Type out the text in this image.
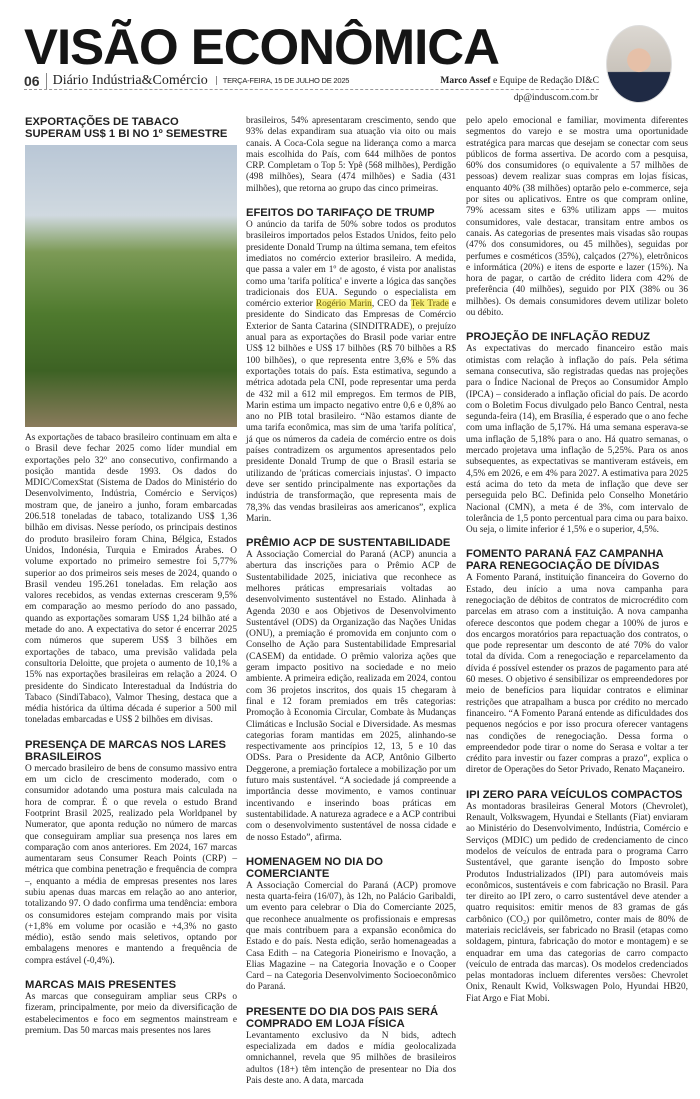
VISÃO ECONÔMICA
06 Diário Indústria&Comércio	TERÇA-FEIRA, 15 DE JULHO DE 2025	Marco Assef e Equipe de Redação DI&C
dp@induscom.com.br
EXPORTAÇÕES DE TABACO SUPERAM US$ 1 BI NO 1º SEMESTRE

As exportações de tabaco brasileiro continuam em alta e o Brasil deve fechar 2025 como líder mundial em exportações pelo 32º ano consecutivo, confirmando a posição mantida desde 1993. Os dados do MDIC/ComexStat (Sistema de Dados do Ministério do Desenvolvimento, Indústria, Comércio e Serviços) mostram que, de janeiro a junho, foram embarcadas 206.518 toneladas de tabaco, totalizando US$ 1,36 bilhão em divisas. Nesse período, os principais destinos do produto brasileiro foram China, Bélgica, Estados Unidos, Indonésia, Turquia e Emirados Árabes. O volume exportado no primeiro semestre foi 5,77% superior ao dos primeiros seis meses de 2024, quando o Brasil vendeu 195.261 toneladas. Em relação aos valores recebidos, as vendas externas cresceram 9,5% em comparação ao mesmo período do ano passado, quando as exportações somaram US$ 1,24 bilhão até a metade do ano. A expectativa do setor é encerrar 2025 com números que superem US$ 3 bilhões em exportações de tabaco, uma previsão validada pela consultoria Deloitte, que projeta o aumento de 10,1% a 15% nas exportações brasileiras em relação a 2024. O presidente do Sindicato Interestadual da Indústria do Tabaco (SindiTabaco), Valmor Thesing, destaca que a média histórica da última década é superior a 500 mil toneladas embarcadas e US$ 2 bilhões em divisas.

PRESENÇA DE MARCAS NOS LARES BRASILEIROS

O mercado brasileiro de bens de consumo massivo entra em um ciclo de crescimento moderado, com o consumidor adotando uma postura mais calculada na hora de comprar. É o que revela o estudo Brand Footprint Brasil 2025, realizado pela Worldpanel by Numerator, que aponta redução no número de marcas que conseguiram ampliar sua presença nos lares em comparação com anos anteriores. Em 2024, 167 marcas aumentaram seus Consumer Reach Points (CRP) – métrica que combina penetração e frequência de compra –, enquanto a média de empresas presentes nos lares subiu apenas duas marcas em relação ao ano anterior, totalizando 97. O dado confirma uma tendência: embora os consumidores estejam comprando mais por visita (+1,8% em volume por ocasião e +4,3% no gasto médio), estão sendo mais seletivos, optando por embalagens menores e mantendo a frequência de compra estável (-0,4%).

MARCAS MAIS PRESENTES

As marcas que conseguiram ampliar seus CRPs o fizeram, principalmente, por meio da diversificação de estabelecimentos e foco em segmentos mainstream e premium. Das 50 marcas mais presentes nos lares

brasileiros, 54% apresentaram crescimento, sendo que 93% delas expandiram sua atuação via oito ou mais canais. A Coca-Cola segue na liderança como a marca mais escolhida do País, com 644 milhões de pontos CRP. Completam o Top 5: Ypê (568 milhões), Perdigão (498 milhões), Seara (474 milhões) e Sadia (431 milhões), que retorna ao grupo das cinco primeiras.

EFEITOS DO TARIFAÇO DE TRUMP

O anúncio da tarifa de 50% sobre todos os produtos brasileiros importados pelos Estados Unidos, feito pelo presidente Donald Trump na última semana, tem efeitos imediatos no comércio exterior brasileiro. A medida, que passa a valer em 1º de agosto, é vista por analistas como uma 'tarifa política' e inverte a lógica das sanções tradicionais dos EUA. Segundo o especialista em comércio exterior Rogério Marin, CEO da Tek Trade e presidente do Sindicato das Empresas de Comércio Exterior de Santa Catarina (SINDITRADE), o prejuízo anual para as exportações do Brasil pode variar entre US$ 12 bilhões e US$ 17 bilhões (R$ 70 bilhões a R$ 100 bilhões), o que representa entre 3,6% e 5% das exportações totais do país. Esta estimativa, segundo a métrica adotada pela CNI, pode representar uma perda de 432 mil a 612 mil empregos. Em termos de PIB, Marin estima um impacto negativo entre 0,6 e 0,8% ao ano no PIB total brasileiro. “Não estamos diante de uma tarifa econômica, mas sim de uma 'tarifa política', já que os números da cadeia de comércio entre os dois países contradizem os argumentos apresentados pelo presidente Donald Trump de que o Brasil estaria se utilizando de 'práticas comerciais injustas'. O impacto deve ser sentido principalmente nas exportações da indústria de transformação, que representa mais de 78,3% das vendas brasileiras aos americanos”, explica Marin.

PRÊMIO ACP DE SUSTENTABILIDADE

A Associação Comercial do Paraná (ACP) anuncia a abertura das inscrições para o Prêmio ACP de Sustentabilidade 2025, iniciativa que reconhece as melhores práticas empresariais voltadas ao desenvolvimento sustentável no Estado. Alinhada à Agenda 2030 e aos Objetivos de Desenvolvimento Sustentável (ODS) da Organização das Nações Unidas (ONU), a premiação é promovida em conjunto com o Conselho de Ação para Sustentabilidade Empresarial (CASEM) da entidade. O prêmio valoriza ações que geram impacto positivo na sociedade e no meio ambiente. A primeira edição, realizada em 2024, contou com 36 projetos inscritos, dos quais 15 chegaram à final e 12 foram premiados em três categorias: Promoção à Economia Circular, Combate às Mudanças Climáticas e Inclusão Social e Diversidade. As mesmas categorias foram mantidas em 2025, alinhando-se respectivamente aos princípios 12, 13, 5 e 10 das ODSs. Para o Presidente da ACP, Antônio Gilberto Deggerone, a premiação fortalece a mobilização por um futuro mais sustentável. “A sociedade já compreende a importância desse movimento, e vamos continuar incentivando e inserindo boas práticas em sustentabilidade. A natureza agradece e a ACP contribui com o desenvolvimento sustentável de nossa cidade e de nosso Estado”, afirma.

HOMENAGEM NO DIA DO COMERCIANTE

A Associação Comercial do Paraná (ACP) promove nesta quarta-feira (16/07), às 12h, no Palácio Garibaldi, um evento para celebrar o Dia do Comerciante 2025, que reconhece anualmente os profissionais e empresas que mais contribuem para a expansão econômica do Estado e do país. Nesta edição, serão homenageadas a Casa Edith – na Categoria Pioneirismo e Inovação, a Elias Magazine – na Categoria Inovação e o Cooper Card – na Categoria Desenvolvimento Socioeconômico do Paraná.

PRESENTE DO DIA DOS PAIS SERÁ COMPRADO EM LOJA FÍSICA

Levantamento exclusivo da N bids, adtech especializada em dados e mídia geolocalizada omnichannel, revela que 95 milhões de brasileiros adultos (18+) têm intenção de presentear no Dia dos Pais deste ano. A data, marcada

pelo apelo emocional e familiar, movimenta diferentes segmentos do varejo e se mostra uma oportunidade estratégica para marcas que desejam se conectar com seus públicos de forma assertiva. De acordo com a pesquisa, 60% dos consumidores (o equivalente a 57 milhões de pessoas) devem realizar suas compras em lojas físicas, enquanto 40% (38 milhões) optarão pelo e-commerce, seja por sites ou aplicativos. Entre os que compram online, 79% acessam sites e 63% utilizam apps — muitos consumidores, vale destacar, transitam entre ambos os canais. As categorias de presentes mais visadas são roupas (47% dos consumidores, ou 45 milhões), seguidas por perfumes e cosméticos (35%), calçados (27%), eletrônicos e informática (20%) e itens de esporte e lazer (15%). Na hora de pagar, o cartão de crédito lidera com 42% de preferência (40 milhões), seguido por PIX (38% ou 36 milhões). Os demais consumidores devem utilizar boleto ou débito.

PROJEÇÃO DE INFLAÇÃO REDUZ

As expectativas do mercado financeiro estão mais otimistas com relação à inflação do país. Pela sétima semana consecutiva, são registradas quedas nas projeções para o Índice Nacional de Preços ao Consumidor Amplo (IPCA) – considerado a inflação oficial do país. De acordo com o Boletim Focus divulgado pelo Banco Central, nesta segunda-feira (14), em Brasília, é esperado que o ano feche com uma inflação de 5,17%. Há uma semana esperava-se uma inflação de 5,18% para o ano. Há quatro semanas, o mercado projetava uma inflação de 5,25%. Para os anos subsequentes, as expectativas se mantiveram estáveis, em 4,5% em 2026, e em 4% para 2027. A estimativa para 2025 está acima do teto da meta de inflação que deve ser perseguida pelo BC. Definida pelo Conselho Monetário Nacional (CMN), a meta é de 3%, com intervalo de tolerância de 1,5 ponto percentual para cima ou para baixo. Ou seja, o limite inferior é 1,5% e o superior, 4,5%.

FOMENTO PARANÁ FAZ CAMPANHA PARA RENEGOCIAÇÃO DE DÍVIDAS

A Fomento Paraná, instituição financeira do Governo do Estado, deu início a uma nova campanha para renegociação de débitos de contratos de microcrédito com parcelas em atraso com a instituição. A nova campanha oferece descontos que podem chegar a 100% de juros e dos encargos moratórios para repactuação dos contratos, o que pode representar um desconto de até 70% do valor total da dívida. Com a renegociação e reparcelamento da dívida é possível estender os prazos de pagamento para até 60 meses. O objetivo é sensibilizar os empreendedores por meio de benefícios para liquidar contratos e eliminar restrições que atrapalham a busca por crédito no mercado financeiro. “A Fomento Paraná entende as dificuldades dos pequenos negócios e por isso procura oferecer vantagens nas condições de renegociação. Dessa forma o empreendedor pode tirar o nome do Serasa e voltar a ter crédito para investir ou fazer compras a prazo”, explica o diretor de Operações do Setor Privado, Renato Maçaneiro.

IPI ZERO PARA VEÍCULOS COMPACTOS

As montadoras brasileiras General Motors (Chevrolet), Renault, Volkswagem, Hyundai e Stellants (Fiat) enviaram ao Ministério do Desenvolvimento, Indústria, Comércio e Serviços (MDIC) um pedido de credenciamento de cinco modelos de veículos de entrada para o programa Carro Sustentável, que garante isenção do Imposto sobre Produtos Industrializados (IPI) para automóveis mais econômicos, sustentáveis e com fabricação no Brasil. Para ter direito ao IPI zero, o carro sustentável deve atender a quatro requisitos: emitir menos de 83 gramas de gás carbônico (CO₂) por quilômetro, conter mais de 80% de materiais recicláveis, ser fabricado no Brasil (etapas como soldagem, pintura, fabricação do motor e montagem) e se enquadrar em uma das categorias de carro compacto (veículo de entrada das marcas). Os modelos credenciados pelas montadoras incluem diferentes versões: Chevrolet Onix, Renault Kwid, Volkswagen Polo, Hyundai HB20, Fiat Argo e Fiat Mobi.
